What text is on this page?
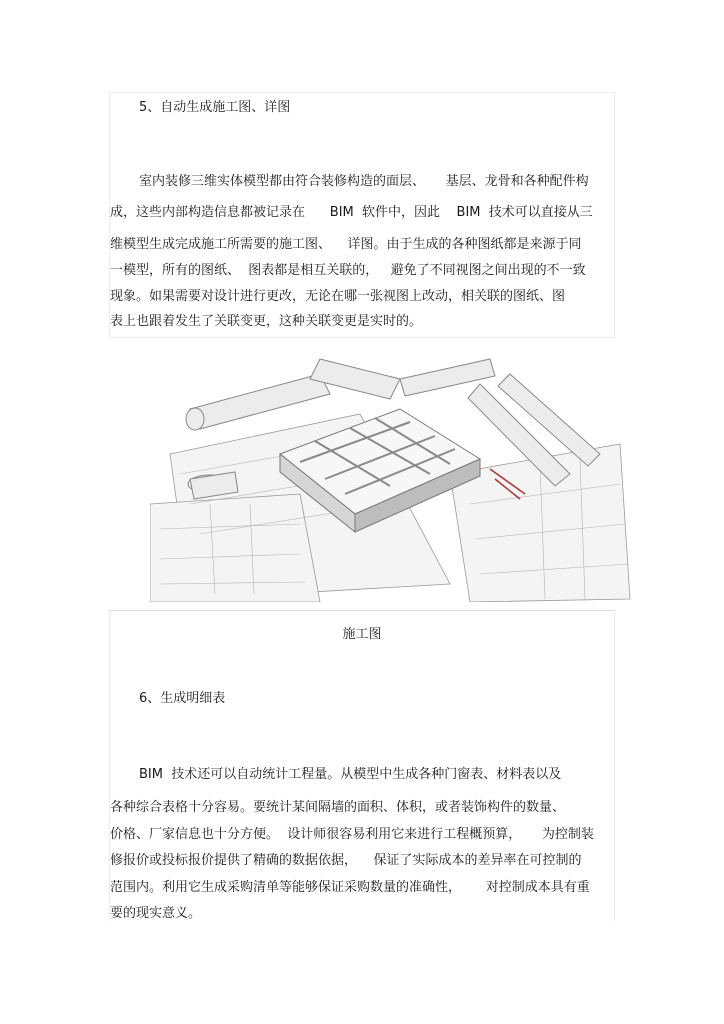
5、自动生成施工图、详图
室内装修三维实体模型都由符合装修构造的面层、     基层、龙骨和各种配件构
成，这些内部构造信息都被记录在      BIM  软件中，因此    BIM  技术可以直接从三
维模型生成完成施工所需要的施工图、    详图。由于生成的各种图纸都是来源于同
一模型，所有的图纸、  图表都是相互关联的，   避免了不同视图之间出现的不一致
现象。如果需要对设计进行更改，无论在哪一张视图上改动，相关联的图纸、图
表上也跟着发生了关联变更，这种关联变更是实时的。
施工图
6、生成明细表
BIM  技术还可以自动统计工程量。从模型中生成各种门窗表、材料表以及
各种综合表格十分容易。要统计某间隔墙的面积、体积，或者装饰构件的数量、
价格、厂家信息也十分方便。  设计师很容易利用它来进行工程概预算，     为控制装
修报价或投标报价提供了精确的数据依据，    保证了实际成本的差异率在可控制的
范围内。利用它生成采购清单等能够保证采购数量的准确性，      对控制成本具有重
要的现实意义。
